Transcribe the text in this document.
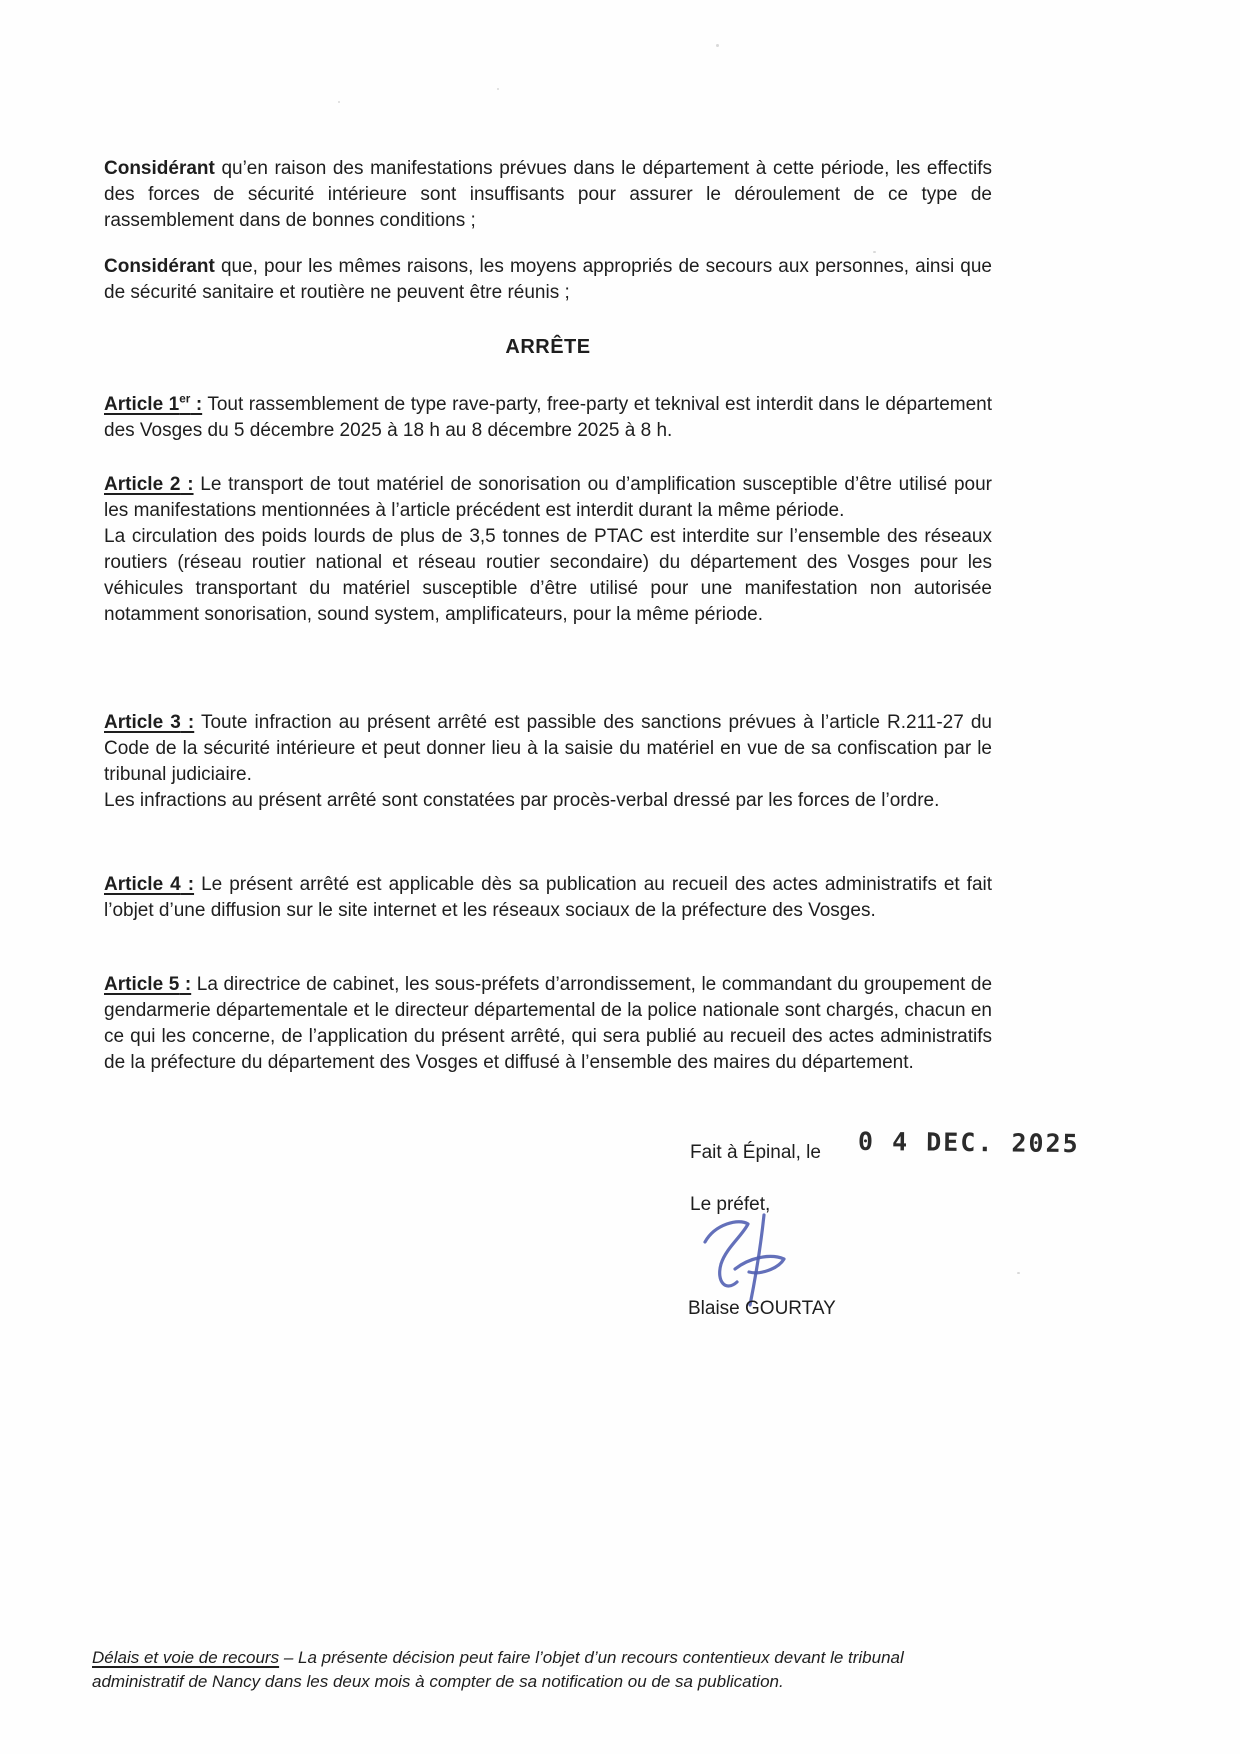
Considérant qu’en raison des manifestations prévues dans le département à cette période, les effectifs des forces de sécurité intérieure sont insuffisants pour assurer le déroulement de ce type de rassemblement dans de bonnes conditions ;

Considérant que, pour les mêmes raisons, les moyens appropriés de secours aux personnes, ainsi que de sécurité sanitaire et routière ne peuvent être réunis ;

ARRÊTE

Article 1er : Tout rassemblement de type rave-party, free-party et teknival est interdit dans le département des Vosges du 5 décembre 2025 à 18 h au 8 décembre 2025 à 8 h.

Article 2 : Le transport de tout matériel de sonorisation ou d’amplification susceptible d’être utilisé pour les manifestations mentionnées à l’article précédent est interdit durant la même période.

La circulation des poids lourds de plus de 3,5 tonnes de PTAC est interdite sur l’ensemble des réseaux routiers (réseau routier national et réseau routier secondaire) du département des Vosges pour les véhicules transportant du matériel susceptible d’être utilisé pour une manifestation non autorisée notamment sonorisation, sound system, amplificateurs, pour la même période.

Article 3 : Toute infraction au présent arrêté est passible des sanctions prévues à l’article R.211-27 du Code de la sécurité intérieure et peut donner lieu à la saisie du matériel en vue de sa confiscation par le tribunal judiciaire.

Les infractions au présent arrêté sont constatées par procès-verbal dressé par les forces de l’ordre.

Article 4 : Le présent arrêté est applicable dès sa publication au recueil des actes administratifs et fait l’objet d’une diffusion sur le site internet et les réseaux sociaux de la préfecture des Vosges.

Article 5 : La directrice de cabinet, les sous-préfets d’arrondissement, le commandant du groupement de gendarmerie départementale et le directeur départemental de la police nationale sont chargés, chacun en ce qui les concerne, de l’application du présent arrêté, qui sera publié au recueil des actes administratifs de la préfecture du département des Vosges et diffusé à l’ensemble des maires du département.

Fait à Épinal, le 0 4 DEC. 2025
Le préfet,
Blaise GOURTAY
Délais et voie de recours – La présente décision peut faire l’objet d’un recours contentieux devant le tribunal administratif de Nancy dans les deux mois à compter de sa notification ou de sa publication.
